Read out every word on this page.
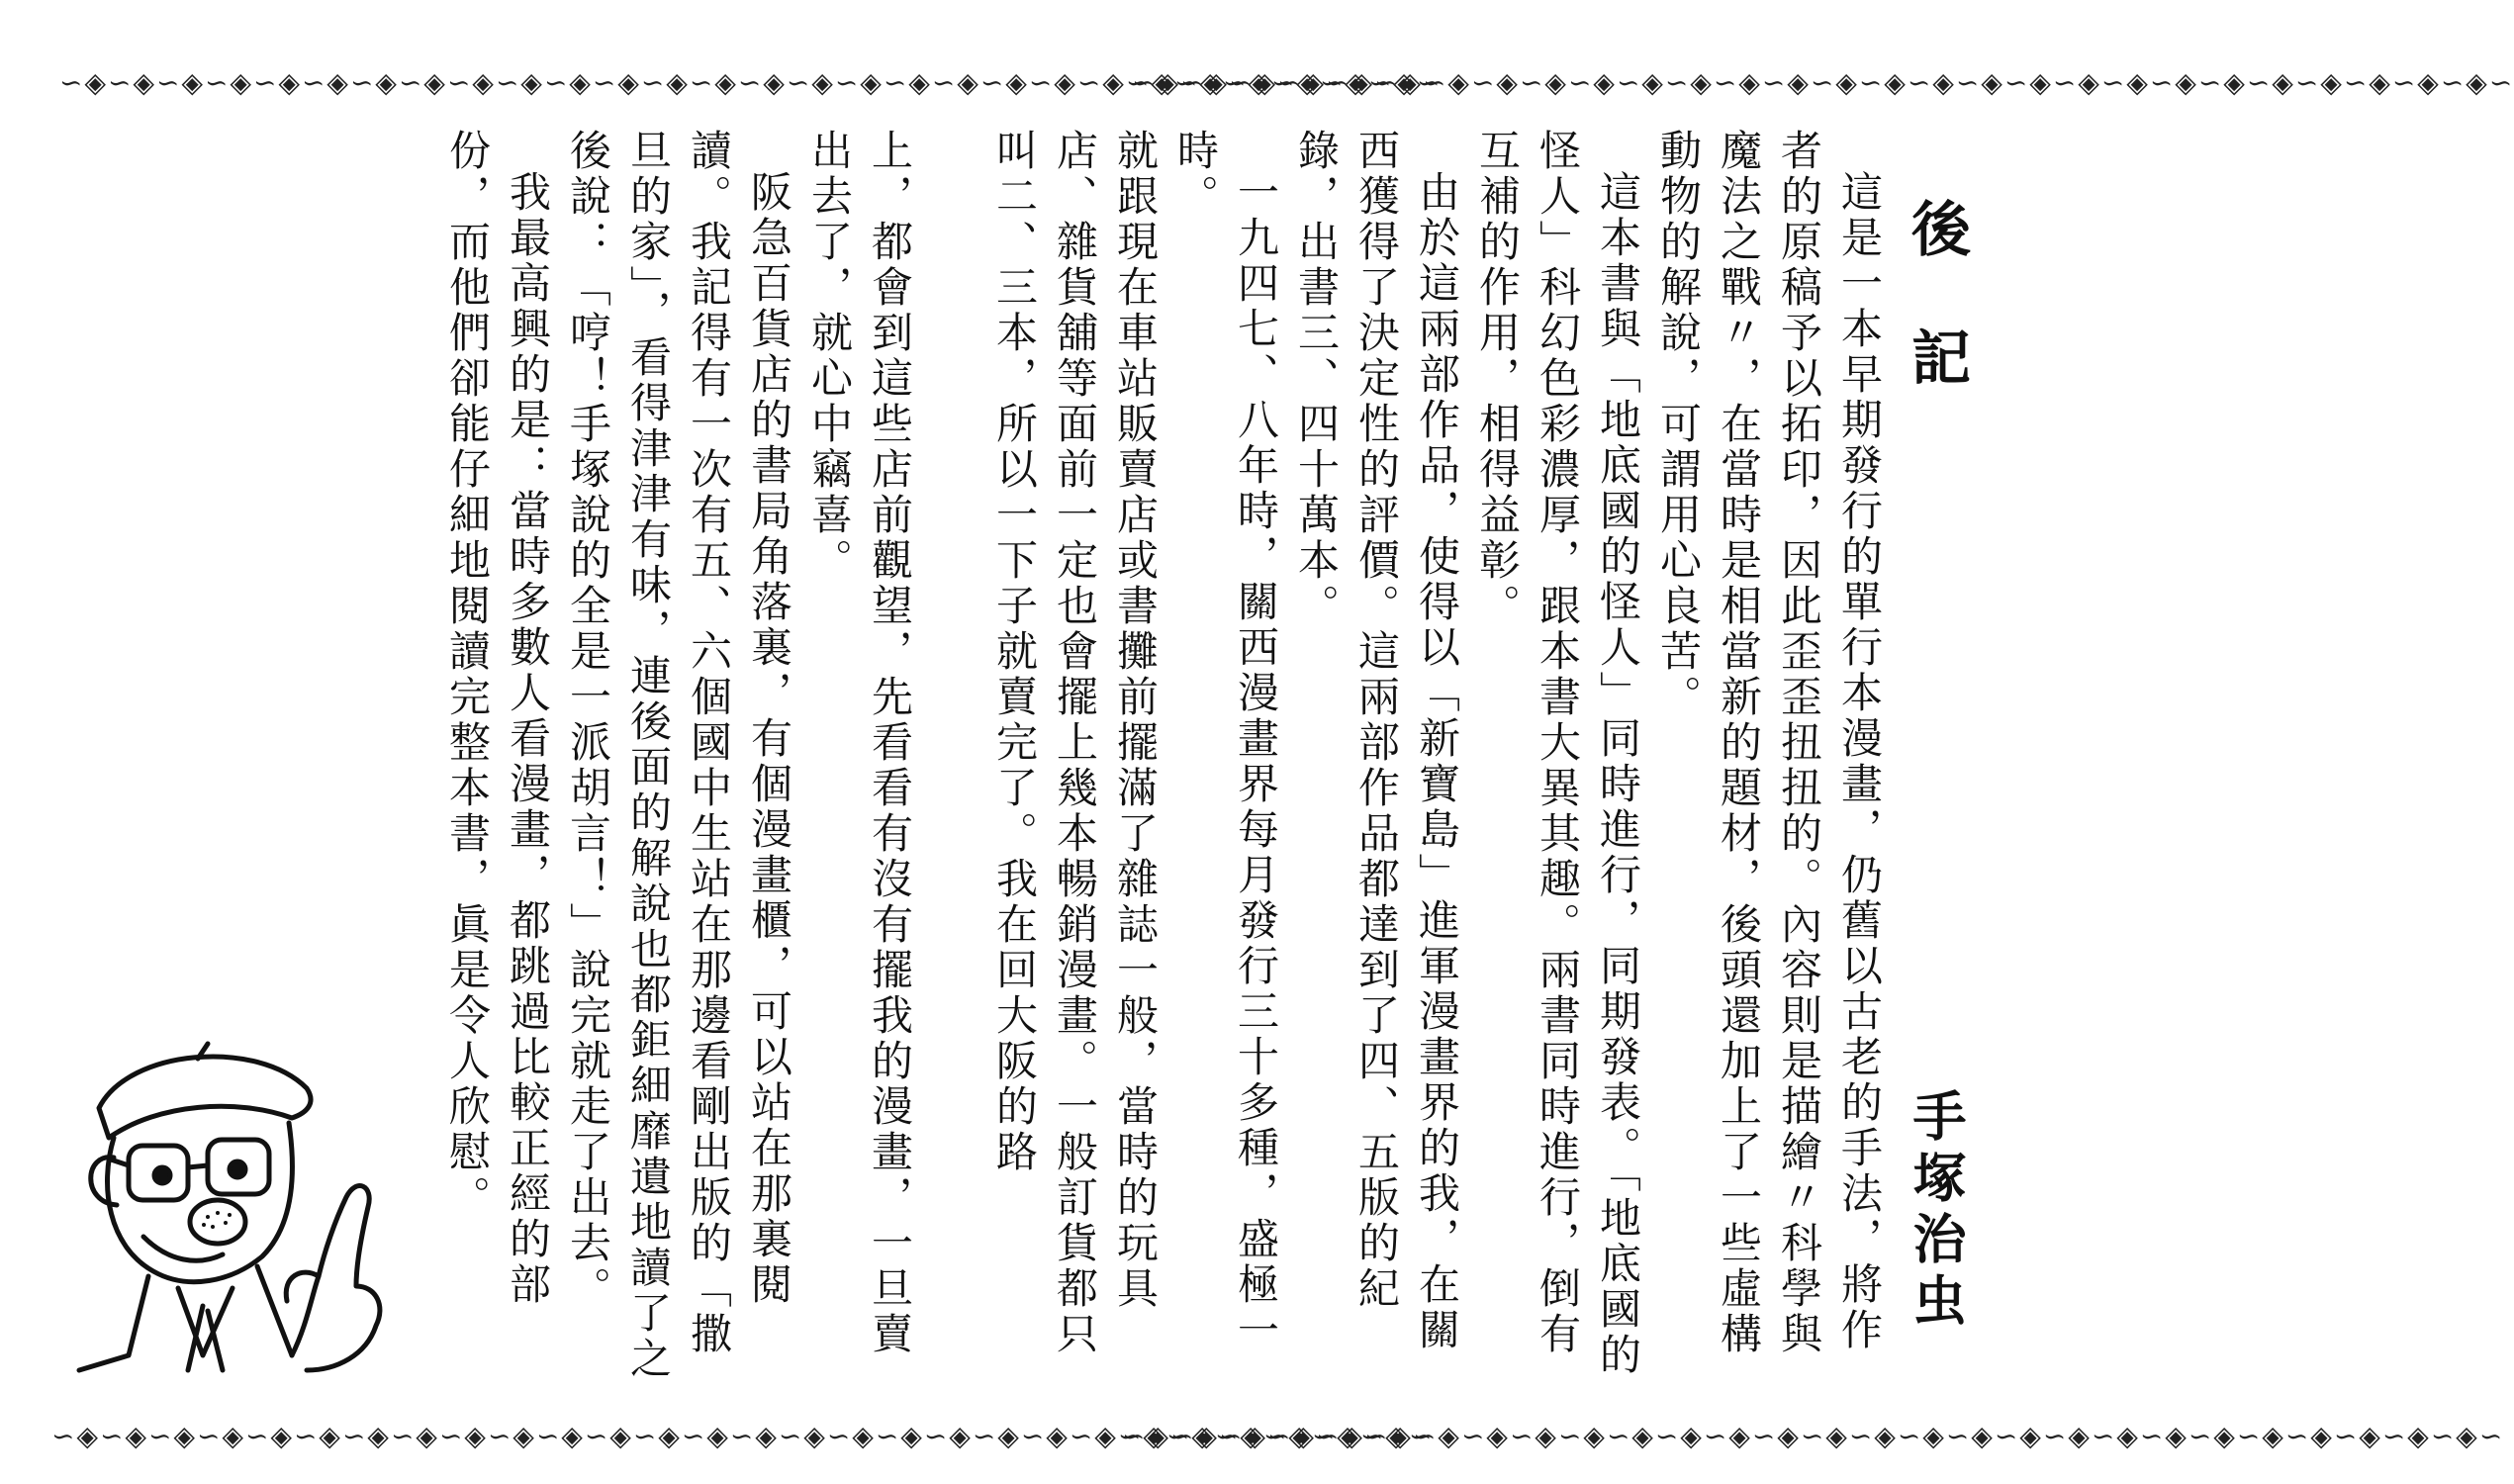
∽◈∽◈∽◈∽◈∽◈∽◈∽◈∽◈∽◈∽◈∽◈∽◈∽◈∽◈∽◈∽◈∽◈∽◈∽◈∽◈∽◈∽◈∽◈∽◈∽◈∽◈∽◈∽◈∽

上，都會到這些店前觀望，先看看有沒有擺我的漫畫，一旦賣出去了，就心中竊喜。

阪急百貨店的書局角落裏，有個漫畫櫃，可以站在那裏閱讀。我記得有一次有五、六個國中生站在那邊看剛出版的「撒旦的家」，看得津津有味，連後面的解說也都鉅細靡遺地讀了之後說：「哼！手塚說的全是一派胡言！」說完就走了出去。

我最高興的是：當時多數人看漫畫，都跳過比較正經的部份，而他們卻能仔細地閱讀完整本書，眞是令人欣慰。

∽◈∽◈∽◈∽◈∽◈∽◈∽◈∽◈∽◈∽◈∽◈∽◈∽◈∽◈∽◈∽◈∽◈∽◈∽◈∽◈∽◈∽◈∽◈∽◈∽◈∽◈∽◈∽◈∽
∽◈∽◈∽◈∽◈∽◈∽◈∽◈∽◈∽◈∽◈∽◈∽◈∽◈∽◈∽◈∽◈∽◈∽◈∽◈∽◈∽◈∽◈∽◈∽◈∽◈∽◈∽◈∽◈∽
後記

這是一本早期發行的單行本漫畫，仍舊以古老的手法，將作者的原稿予以拓印，因此歪歪扭扭的。內容則是描繪〃科學與魔法之戰〃，在當時是相當新的題材，後頭還加上了一些虛構動物的解說，可謂用心良苦。

這本書與「地底國的怪人」同時進行，同期發表。「地底國的怪人」科幻色彩濃厚，跟本書大異其趣。兩書同時進行，倒有互補的作用，相得益彰。

由於這兩部作品，使得以「新寶島」進軍漫畫界的我，在關西獲得了決定性的評價。這兩部作品都達到了四、五版的紀錄，出書三、四十萬本。

一九四七、八年時，關西漫畫界每月發行三十多種，盛極一時。

就跟現在車站販賣店或書攤前擺滿了雜誌一般，當時的玩具店、雜貨舖等面前一定也會擺上幾本暢銷漫畫。一般訂貨都只叫二、三本，所以一下子就賣完了。我在回大阪的路

手塚治虫
∽◈∽◈∽◈∽◈∽◈∽◈∽◈∽◈∽◈∽◈∽◈∽◈∽◈∽◈∽◈∽◈∽◈∽◈∽◈∽◈∽◈∽◈∽◈∽◈∽◈∽◈∽◈∽◈∽
